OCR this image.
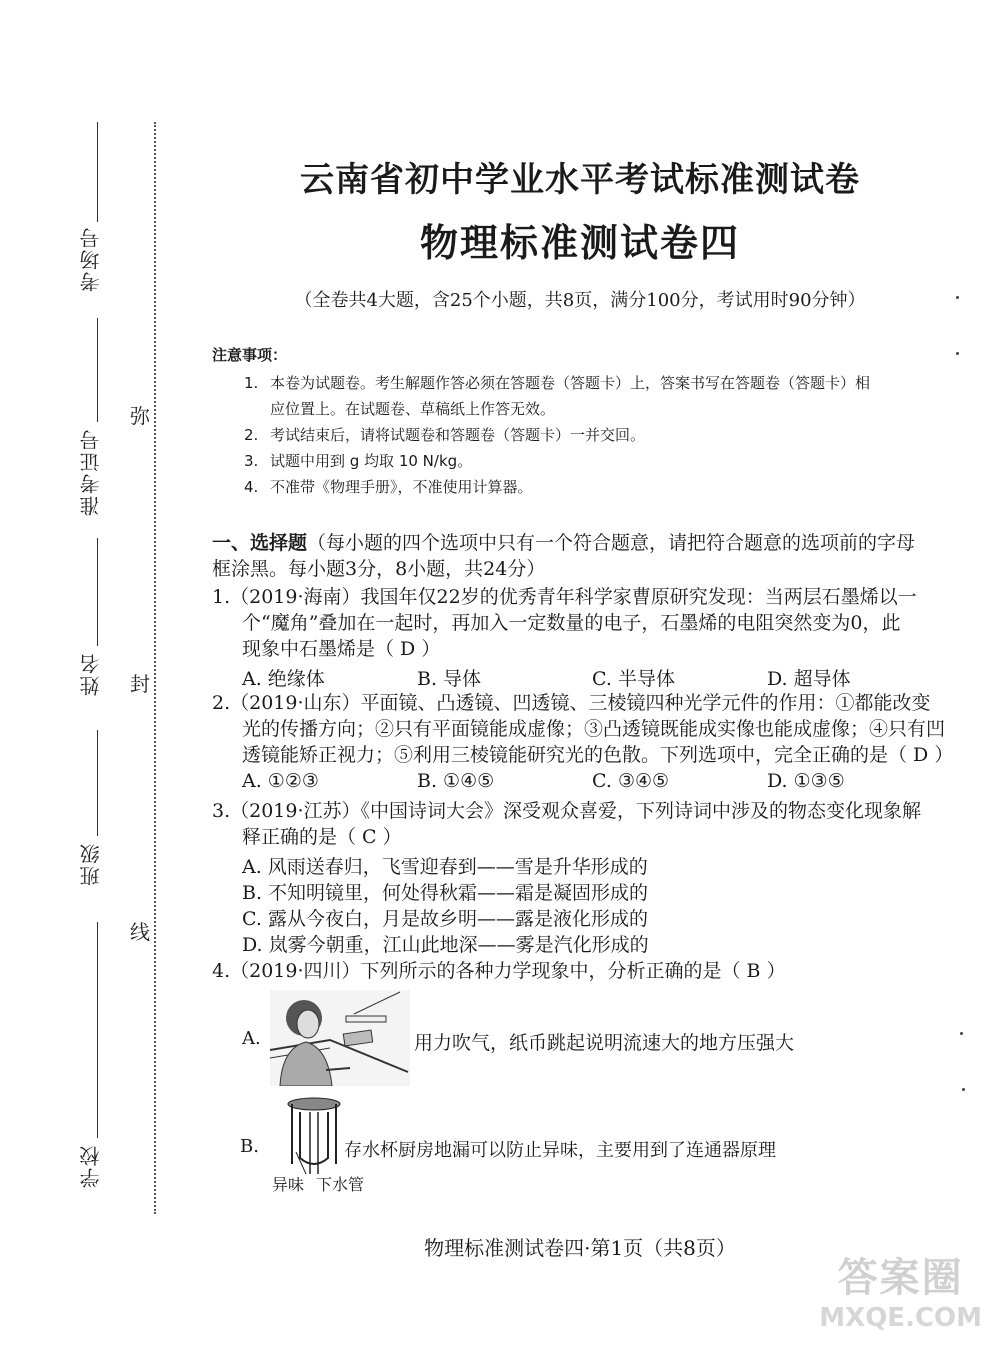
考场号
准考证号
姓名
班级
学校
弥
封
线
云南省初中学业水平考试标准测试卷
物理标准测试卷四
（全卷共4大题，含25个小题，共8页，满分100分，考试用时90分钟）
注意事项：
1. 本卷为试题卷。考生解题作答必须在答题卷（答题卡）上，答案书写在答题卷（答题卡）相
应位置上。在试题卷、草稿纸上作答无效。
2. 考试结束后，请将试题卷和答题卷（答题卡）一并交回。
3. 试题中用到 g 均取 10 N/kg。
4. 不准带《物理手册》，不准使用计算器。
一、选择题（每小题的四个选项中只有一个符合题意，请把符合题意的选项前的字母
框涂黑。每小题3分，8小题，共24分）
1.（2019·海南）我国年仅22岁的优秀青年科学家曹原研究发现：当两层石墨烯以一
个“魔角”叠加在一起时，再加入一定数量的电子，石墨烯的电阻突然变为0，此
现象中石墨烯是（ D ）
A. 绝缘体	B. 导体	C. 半导体	D. 超导体
2.（2019·山东）平面镜、凸透镜、凹透镜、三棱镜四种光学元件的作用：①都能改变
光的传播方向；②只有平面镜能成虚像；③凸透镜既能成实像也能成虚像；④只有凹
透镜能矫正视力；⑤利用三棱镜能研究光的色散。下列选项中，完全正确的是（ D ）
A. ①②③	B. ①④⑤	C. ③④⑤	D. ①③⑤
3.（2019·江苏）《中国诗词大会》深受观众喜爱，下列诗词中涉及的物态变化现象解
释正确的是（ C ）
A. 风雨送春归，飞雪迎春到——雪是升华形成的
B. 不知明镜里，何处得秋霜——霜是凝固形成的
C. 露从今夜白，月是故乡明——露是液化形成的
D. 岚雾今朝重，江山此地深——雾是汽化形成的
4.（2019·四川）下列所示的各种力学现象中，分析正确的是（ B ）
A.	用力吹气，纸币跳起说明流速大的地方压强大
B.	存水杯厨房地漏可以防止异味，主要用到了连通器原理
异味 下水管
物理标准测试卷四·第1页（共8页）
答案圈
MXQE.COM
